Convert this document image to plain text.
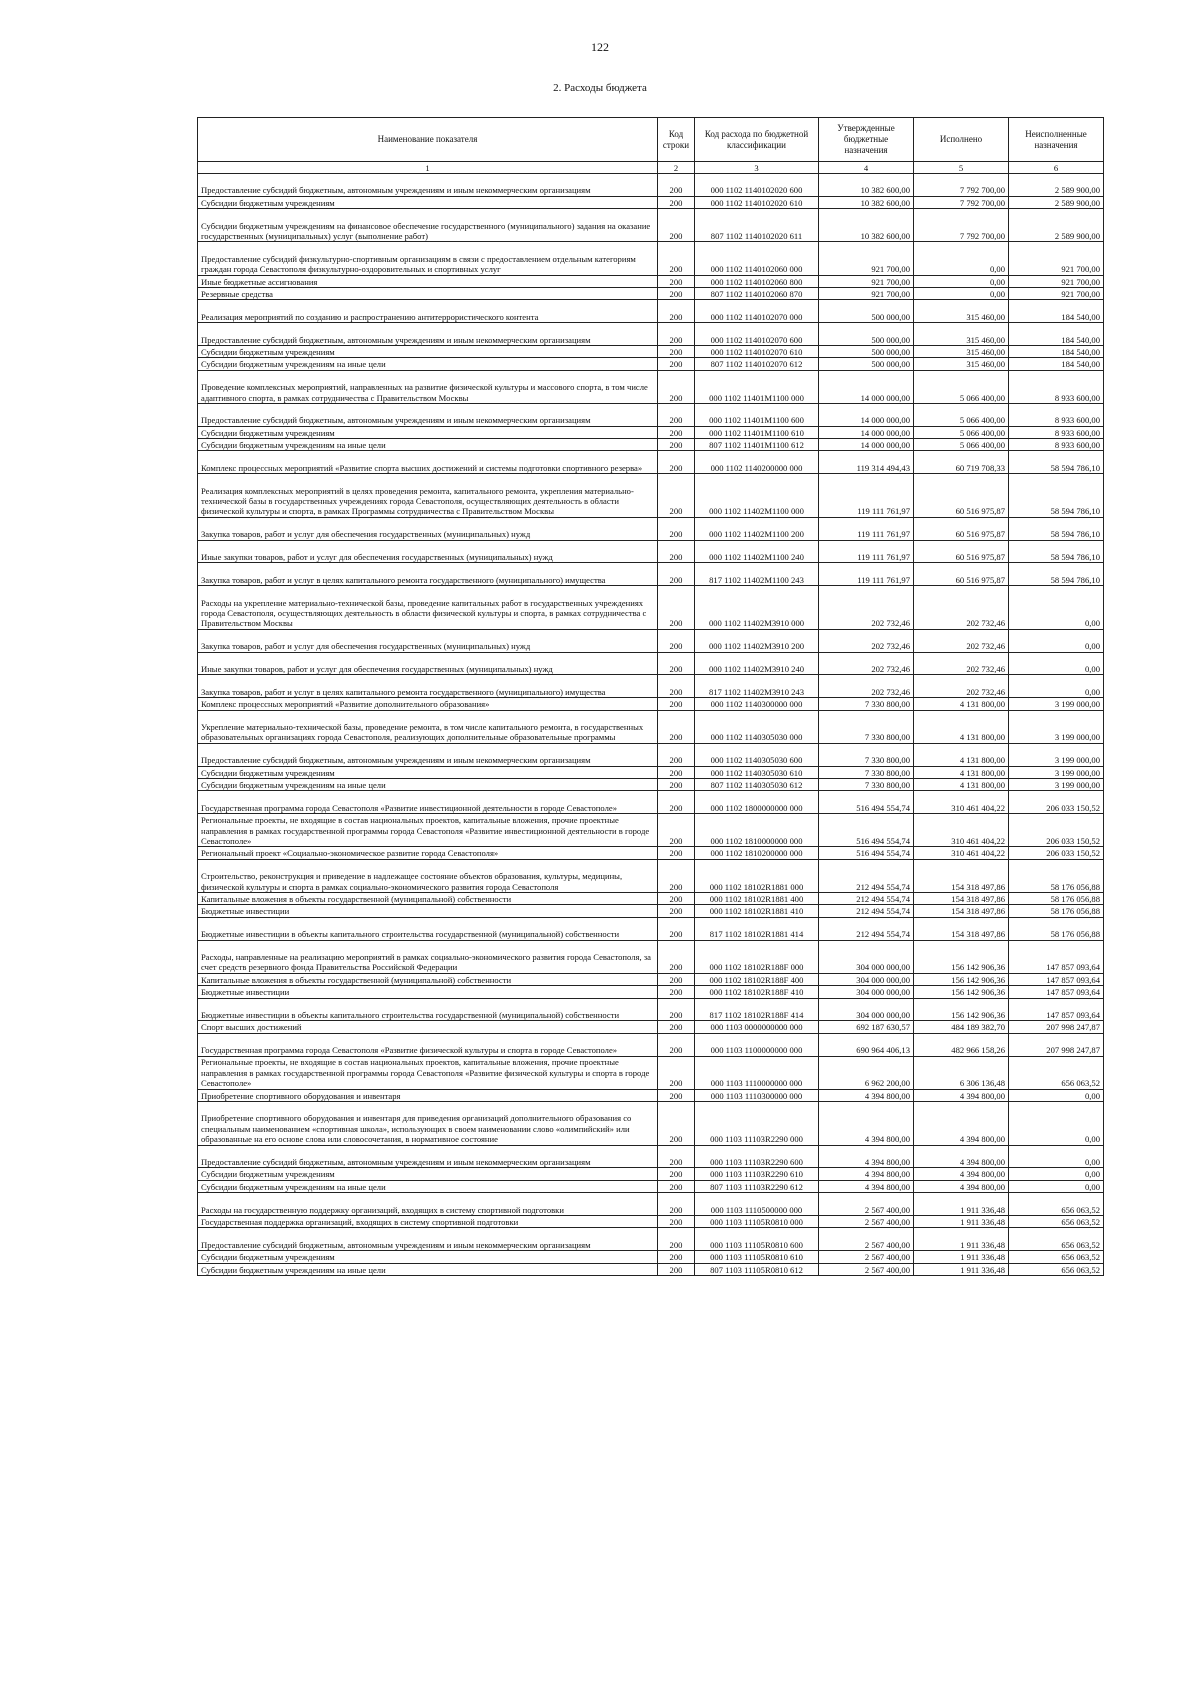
122
2. Расходы бюджета
Наименование показателя	Код строки	Код расхода по бюджетной классификации	Утвержденные бюджетные назначения	Исполнено	Неисполненные назначения
1	2	3	4	5	6
Предоставление субсидий бюджетным, автономным учреждениям и иным некоммерческим организациям	200	000 1102 1140102020 600	10 382 600,00	7 792 700,00	2 589 900,00
Субсидии бюджетным учреждениям	200	000 1102 1140102020 610	10 382 600,00	7 792 700,00	2 589 900,00
Субсидии бюджетным учреждениям на финансовое обеспечение государственного (муниципального) задания на оказание государственных (муниципальных) услуг (выполнение работ)	200	807 1102 1140102020 611	10 382 600,00	7 792 700,00	2 589 900,00
Предоставление субсидий физкультурно-спортивным организациям в связи с предоставлением отдельным категориям граждан города Севастополя физкультурно-оздоровительных и спортивных услуг	200	000 1102 1140102060 000	921 700,00	0,00	921 700,00
Иные бюджетные ассигнования	200	000 1102 1140102060 800	921 700,00	0,00	921 700,00
Резервные средства	200	807 1102 1140102060 870	921 700,00	0,00	921 700,00
Реализация мероприятий по созданию и распространению антитеррористического контента	200	000 1102 1140102070 000	500 000,00	315 460,00	184 540,00
Предоставление субсидий бюджетным, автономным учреждениям и иным некоммерческим организациям	200	000 1102 1140102070 600	500 000,00	315 460,00	184 540,00
Субсидии бюджетным учреждениям	200	000 1102 1140102070 610	500 000,00	315 460,00	184 540,00
Субсидии бюджетным учреждениям на иные цели	200	807 1102 1140102070 612	500 000,00	315 460,00	184 540,00
Проведение комплексных мероприятий, направленных на развитие физической культуры и массового спорта, в том числе адаптивного спорта, в рамках сотрудничества с Правительством Москвы	200	000 1102 11401M1100 000	14 000 000,00	5 066 400,00	8 933 600,00
Предоставление субсидий бюджетным, автономным учреждениям и иным некоммерческим организациям	200	000 1102 11401M1100 600	14 000 000,00	5 066 400,00	8 933 600,00
Субсидии бюджетным учреждениям	200	000 1102 11401M1100 610	14 000 000,00	5 066 400,00	8 933 600,00
Субсидии бюджетным учреждениям на иные цели	200	807 1102 11401M1100 612	14 000 000,00	5 066 400,00	8 933 600,00
Комплекс процессных мероприятий «Развитие спорта высших достижений и системы подготовки спортивного резерва»	200	000 1102 1140200000 000	119 314 494,43	60 719 708,33	58 594 786,10
Реализация комплексных мероприятий в целях проведения ремонта, капитального ремонта, укрепления материально-технической базы в государственных учреждениях города Севастополя, осуществляющих деятельность в области физической культуры и спорта, в рамках Программы сотрудничества с Правительством Москвы	200	000 1102 11402M1100 000	119 111 761,97	60 516 975,87	58 594 786,10
Закупка товаров, работ и услуг для обеспечения государственных (муниципальных) нужд	200	000 1102 11402M1100 200	119 111 761,97	60 516 975,87	58 594 786,10
Иные закупки товаров, работ и услуг для обеспечения государственных (муниципальных) нужд	200	000 1102 11402M1100 240	119 111 761,97	60 516 975,87	58 594 786,10
Закупка товаров, работ и услуг в целях капитального ремонта государственного (муниципального) имущества	200	817 1102 11402M1100 243	119 111 761,97	60 516 975,87	58 594 786,10
Расходы на укрепление материально-технической базы, проведение капитальных работ в государственных учреждениях города Севастополя, осуществляющих деятельность в области физической культуры и спорта, в рамках сотрудничества с Правительством Москвы	200	000 1102 11402M3910 000	202 732,46	202 732,46	0,00
Закупка товаров, работ и услуг для обеспечения государственных (муниципальных) нужд	200	000 1102 11402M3910 200	202 732,46	202 732,46	0,00
Иные закупки товаров, работ и услуг для обеспечения государственных (муниципальных) нужд	200	000 1102 11402M3910 240	202 732,46	202 732,46	0,00
Закупка товаров, работ и услуг в целях капитального ремонта государственного (муниципального) имущества	200	817 1102 11402M3910 243	202 732,46	202 732,46	0,00
Комплекс процессных мероприятий «Развитие дополнительного образования»	200	000 1102 1140300000 000	7 330 800,00	4 131 800,00	3 199 000,00
Укрепление материально-технической базы, проведение ремонта, в том числе капитального ремонта, в государственных образовательных организациях города Севастополя, реализующих дополнительные образовательные программы	200	000 1102 1140305030 000	7 330 800,00	4 131 800,00	3 199 000,00
Предоставление субсидий бюджетным, автономным учреждениям и иным некоммерческим организациям	200	000 1102 1140305030 600	7 330 800,00	4 131 800,00	3 199 000,00
Субсидии бюджетным учреждениям	200	000 1102 1140305030 610	7 330 800,00	4 131 800,00	3 199 000,00
Субсидии бюджетным учреждениям на иные цели	200	807 1102 1140305030 612	7 330 800,00	4 131 800,00	3 199 000,00
Государственная программа города Севастополя «Развитие инвестиционной деятельности в городе Севастополе»	200	000 1102 1800000000 000	516 494 554,74	310 461 404,22	206 033 150,52
Региональные проекты, не входящие в состав национальных проектов, капитальные вложения, прочие проектные направления в рамках государственной программы города Севастополя «Развитие инвестиционной деятельности в городе Севастополе»	200	000 1102 1810000000 000	516 494 554,74	310 461 404,22	206 033 150,52
Региональный проект «Социально-экономическое развитие города Севастополя»	200	000 1102 1810200000 000	516 494 554,74	310 461 404,22	206 033 150,52
Строительство, реконструкция и приведение в надлежащее состояние объектов образования, культуры, медицины, физической культуры и спорта в рамках социально-экономического развития города Севастополя	200	000 1102 18102R1881 000	212 494 554,74	154 318 497,86	58 176 056,88
Капитальные вложения в объекты государственной (муниципальной) собственности	200	000 1102 18102R1881 400	212 494 554,74	154 318 497,86	58 176 056,88
Бюджетные инвестиции	200	000 1102 18102R1881 410	212 494 554,74	154 318 497,86	58 176 056,88
Бюджетные инвестиции в объекты капитального строительства государственной (муниципальной) собственности	200	817 1102 18102R1881 414	212 494 554,74	154 318 497,86	58 176 056,88
Расходы, направленные на реализацию мероприятий в рамках социально-экономического развития города Севастополя, за счет средств резервного фонда Правительства Российской Федерации	200	000 1102 18102R188F 000	304 000 000,00	156 142 906,36	147 857 093,64
Капитальные вложения в объекты государственной (муниципальной) собственности	200	000 1102 18102R188F 400	304 000 000,00	156 142 906,36	147 857 093,64
Бюджетные инвестиции	200	000 1102 18102R188F 410	304 000 000,00	156 142 906,36	147 857 093,64
Бюджетные инвестиции в объекты капитального строительства государственной (муниципальной) собственности	200	817 1102 18102R188F 414	304 000 000,00	156 142 906,36	147 857 093,64
Спорт высших достижений	200	000 1103 0000000000 000	692 187 630,57	484 189 382,70	207 998 247,87
Государственная программа города Севастополя «Развитие физической культуры и спорта в городе Севастополе»	200	000 1103 1100000000 000	690 964 406,13	482 966 158,26	207 998 247,87
Региональные проекты, не входящие в состав национальных проектов, капитальные вложения, прочие проектные направления в рамках государственной программы города Севастополя «Развитие физической культуры и спорта в городе Севастополе»	200	000 1103 1110000000 000	6 962 200,00	6 306 136,48	656 063,52
Приобретение спортивного оборудования и инвентаря	200	000 1103 1110300000 000	4 394 800,00	4 394 800,00	0,00
Приобретение спортивного оборудования и инвентаря для приведения организаций дополнительного образования со специальным наименованием «спортивная школа», использующих в своем наименовании слово «олимпийский» или образованные на его основе слова или словосочетания, в нормативное состояние	200	000 1103 11103R2290 000	4 394 800,00	4 394 800,00	0,00
Предоставление субсидий бюджетным, автономным учреждениям и иным некоммерческим организациям	200	000 1103 11103R2290 600	4 394 800,00	4 394 800,00	0,00
Субсидии бюджетным учреждениям	200	000 1103 11103R2290 610	4 394 800,00	4 394 800,00	0,00
Субсидии бюджетным учреждениям на иные цели	200	807 1103 11103R2290 612	4 394 800,00	4 394 800,00	0,00
Расходы на государственную поддержку организаций, входящих в систему спортивной подготовки	200	000 1103 1110500000 000	2 567 400,00	1 911 336,48	656 063,52
Государственная поддержка организаций, входящих в систему спортивной подготовки	200	000 1103 11105R0810 000	2 567 400,00	1 911 336,48	656 063,52
Предоставление субсидий бюджетным, автономным учреждениям и иным некоммерческим организациям	200	000 1103 11105R0810 600	2 567 400,00	1 911 336,48	656 063,52
Субсидии бюджетным учреждениям	200	000 1103 11105R0810 610	2 567 400,00	1 911 336,48	656 063,52
Субсидии бюджетным учреждениям на иные цели	200	807 1103 11105R0810 612	2 567 400,00	1 911 336,48	656 063,52
